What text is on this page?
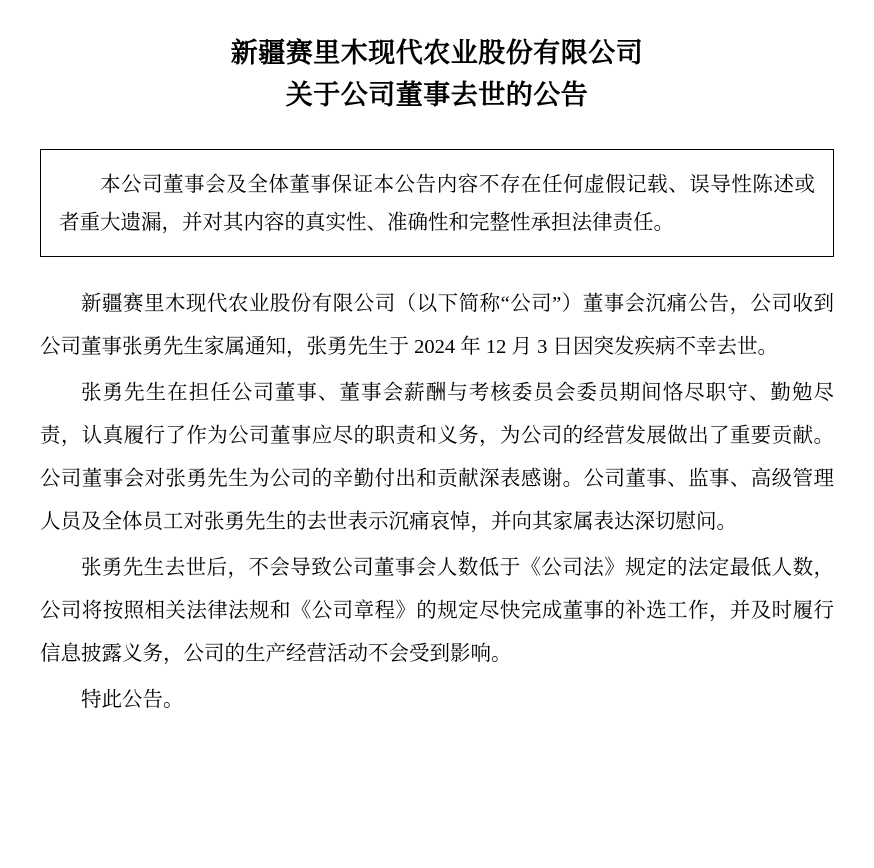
新疆赛里木现代农业股份有限公司
关于公司董事去世的公告

本公司董事会及全体董事保证本公告内容不存在任何虚假记载、误导性陈述或者重大遗漏，并对其内容的真实性、准确性和完整性承担法律责任。

新疆赛里木现代农业股份有限公司（以下简称“公司”）董事会沉痛公告，公司收到公司董事张勇先生家属通知，张勇先生于 2024 年 12 月 3 日因突发疾病不幸去世。

张勇先生在担任公司董事、董事会薪酬与考核委员会委员期间恪尽职守、勤勉尽责，认真履行了作为公司董事应尽的职责和义务，为公司的经营发展做出了重要贡献。公司董事会对张勇先生为公司的辛勤付出和贡献深表感谢。公司董事、监事、高级管理人员及全体员工对张勇先生的去世表示沉痛哀悼，并向其家属表达深切慰问。

张勇先生去世后，不会导致公司董事会人数低于《公司法》规定的法定最低人数，公司将按照相关法律法规和《公司章程》的规定尽快完成董事的补选工作，并及时履行信息披露义务，公司的生产经营活动不会受到影响。

特此公告。
